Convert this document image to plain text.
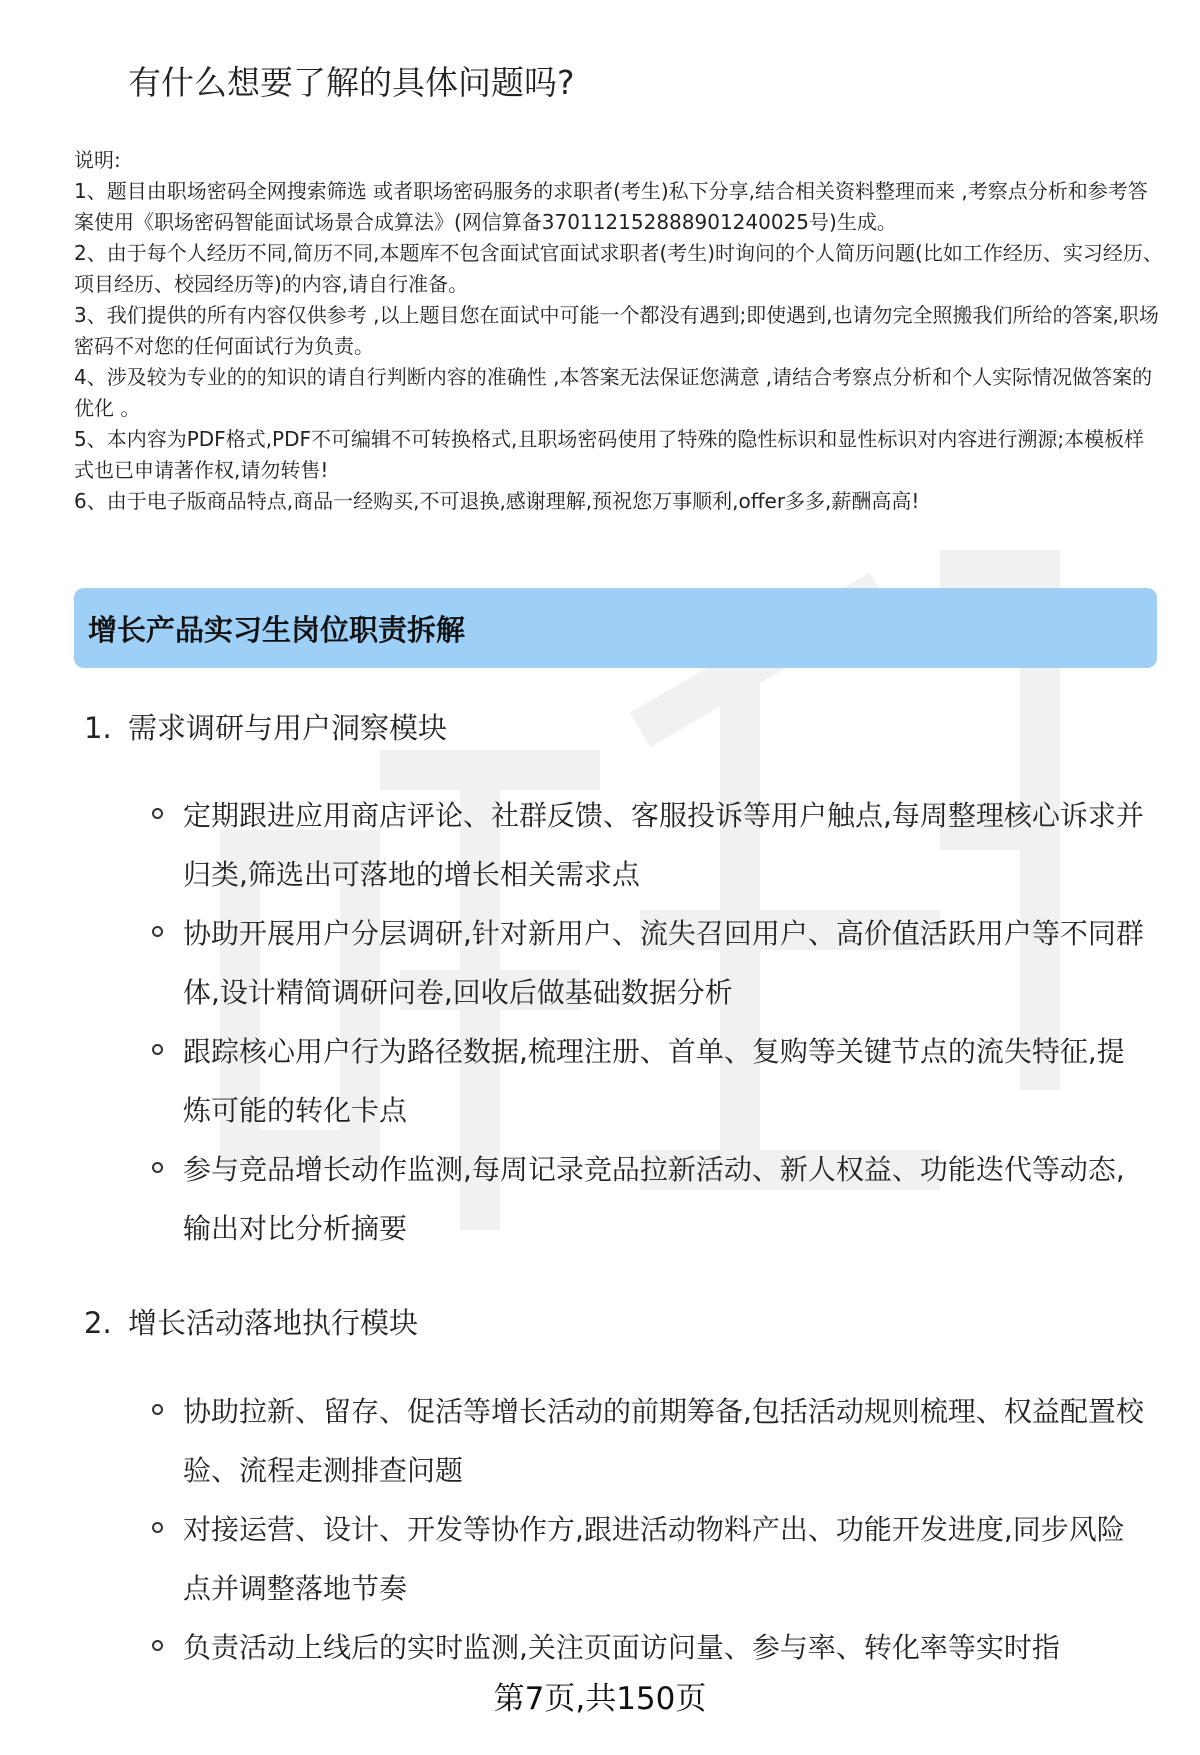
有什么想要了解的具体问题吗?

说明:

1、题目由职场密码全网搜索筛选 或者职场密码服务的求职者(考生)私下分享,结合相关资料整理而来 ,考察点分析和参考答案使用《职场密码智能面试场景合成算法》(网信算备370112152888901240025号)生成。

2、由于每个人经历不同,简历不同,本题库不包含面试官面试求职者(考生)时询问的个人简历问题(比如工作经历、实习经历、项目经历、校园经历等)的内容,请自行准备。

3、我们提供的所有内容仅供参考 ,以上题目您在面试中可能一个都没有遇到;即使遇到,也请勿完全照搬我们所给的答案,职场密码不对您的任何面试行为负责。

4、涉及较为专业的的知识的请自行判断内容的准确性 ,本答案无法保证您满意 ,请结合考察点分析和个人实际情况做答案的优化 。

5、本内容为PDF格式,PDF不可编辑不可转换格式,且职场密码使用了特殊的隐性标识和显性标识对内容进行溯源;本模板样式也已申请著作权,请勿转售!

6、由于电子版商品特点,商品一经购买,不可退换,感谢理解,预祝您万事顺利,offer多多,薪酬高高!

增长产品实习生岗位职责拆解
1. 需求调研与用户洞察模块
定期跟进应用商店评论、社群反馈、客服投诉等用户触点,每周整理核心诉求并归类,筛选出可落地的增长相关需求点
协助开展用户分层调研,针对新用户、流失召回用户、高价值活跃用户等不同群体,设计精简调研问卷,回收后做基础数据分析
跟踪核心用户行为路径数据,梳理注册、首单、复购等关键节点的流失特征,提炼可能的转化卡点
参与竞品增长动作监测,每周记录竞品拉新活动、新人权益、功能迭代等动态,输出对比分析摘要
2. 增长活动落地执行模块
协助拉新、留存、促活等增长活动的前期筹备,包括活动规则梳理、权益配置校验、流程走测排查问题
对接运营、设计、开发等协作方,跟进活动物料产出、功能开发进度,同步风险点并调整落地节奏
负责活动上线后的实时监测,关注页面访问量、参与率、转化率等实时指
第7页,共150页
